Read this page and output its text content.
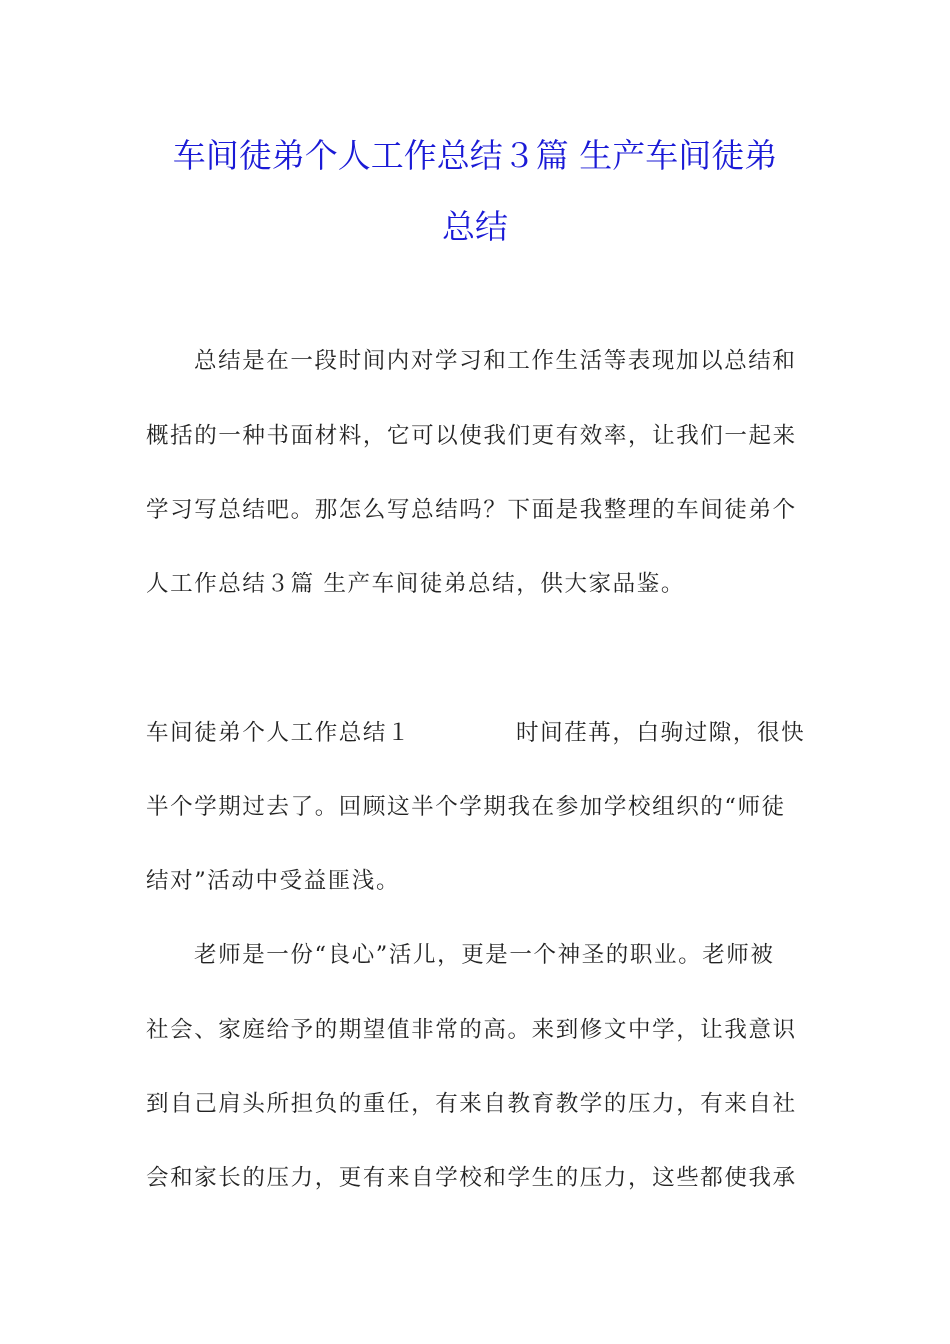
车间徒弟个人工作总结３篇 生产车间徒弟
总结
总结是在一段时间内对学习和工作生活等表现加以总结和
概括的一种书面材料，它可以使我们更有效率，让我们一起来
学习写总结吧。那怎么写总结吗？下面是我整理的车间徒弟个
人工作总结３篇 生产车间徒弟总结，供大家品鉴。
车间徒弟个人工作总结１	时间荏苒，白驹过隙，很快
半个学期过去了。回顾这半个学期我在参加学校组织的“师徒
结对”活动中受益匪浅。
老师是一份“良心”活儿，更是一个神圣的职业。老师被
社会、家庭给予的期望值非常的高。来到修文中学，让我意识
到自己肩头所担负的重任，有来自教育教学的压力，有来自社
会和家长的压力，更有来自学校和学生的压力，这些都使我承
